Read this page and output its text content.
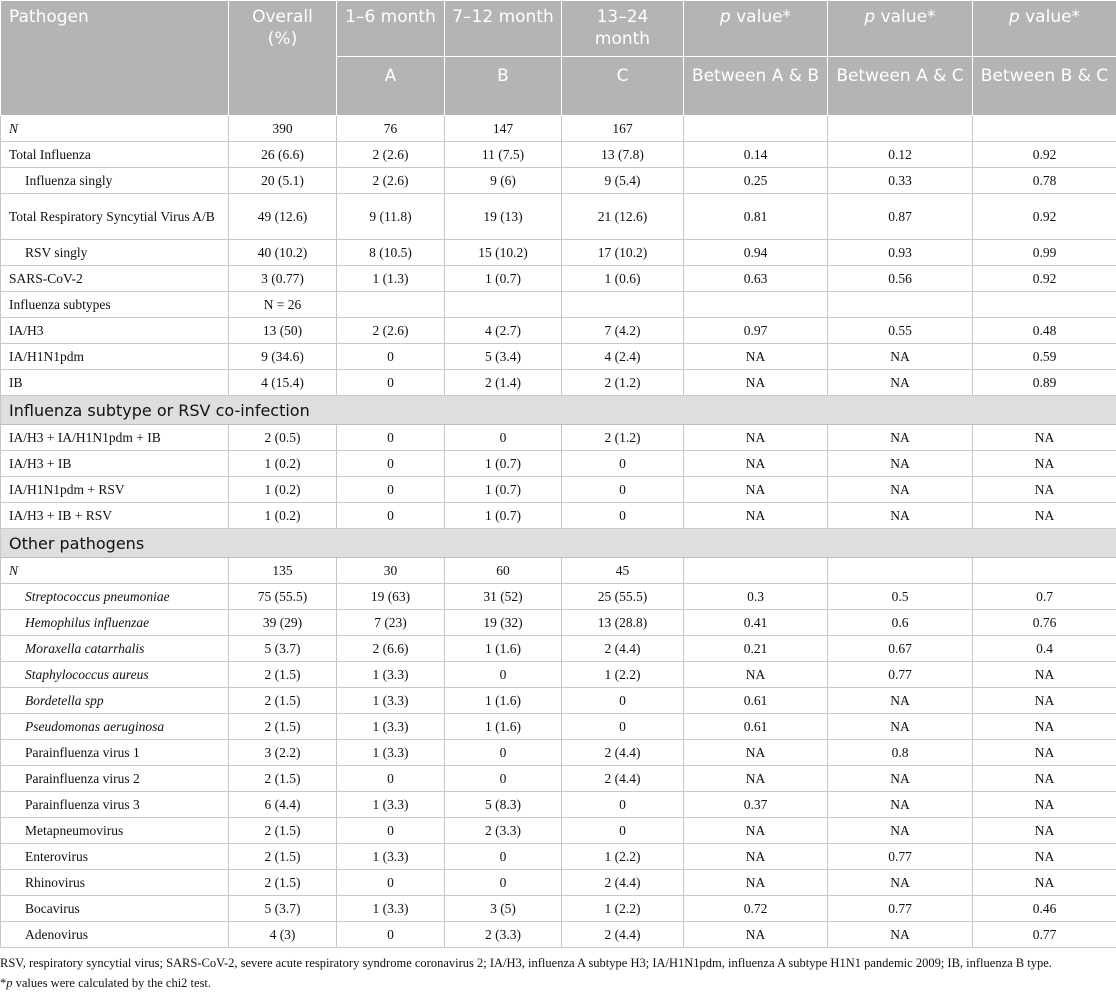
Pathogen	Overall (%)	1–6 month	7–12 month	13–24 month	p value*	p value*	p value*
		A	B	C	Between A & B	Between A & C	Between B & C
N	390	76	147	167			
Total Influenza	26 (6.6)	2 (2.6)	11 (7.5)	13 (7.8)	0.14	0.12	0.92
Influenza singly	20 (5.1)	2 (2.6)	9 (6)	9 (5.4)	0.25	0.33	0.78
Total Respiratory Syncytial Virus A/B	49 (12.6)	9 (11.8)	19 (13)	21 (12.6)	0.81	0.87	0.92
RSV singly	40 (10.2)	8 (10.5)	15 (10.2)	17 (10.2)	0.94	0.93	0.99
SARS-CoV-2	3 (0.77)	1 (1.3)	1 (0.7)	1 (0.6)	0.63	0.56	0.92
Influenza subtypes	N = 26						
IA/H3	13 (50)	2 (2.6)	4 (2.7)	7 (4.2)	0.97	0.55	0.48
IA/H1N1pdm	9 (34.6)	0	5 (3.4)	4 (2.4)	NA	NA	0.59
IB	4 (15.4)	0	2 (1.4)	2 (1.2)	NA	NA	0.89
Influenza subtype or RSV co-infection							
IA/H3 + IA/H1N1pdm + IB	2 (0.5)	0	0	2 (1.2)	NA	NA	NA
IA/H3 + IB	1 (0.2)	0	1 (0.7)	0	NA	NA	NA
IA/H1N1pdm + RSV	1 (0.2)	0	1 (0.7)	0	NA	NA	NA
IA/H3 + IB + RSV	1 (0.2)	0	1 (0.7)	0	NA	NA	NA
Other pathogens							
N	135	30	60	45			
Streptococcus pneumoniae	75 (55.5)	19 (63)	31 (52)	25 (55.5)	0.3	0.5	0.7
Hemophilus influenzae	39 (29)	7 (23)	19 (32)	13 (28.8)	0.41	0.6	0.76
Moraxella catarrhalis	5 (3.7)	2 (6.6)	1 (1.6)	2 (4.4)	0.21	0.67	0.4
Staphylococcus aureus	2 (1.5)	1 (3.3)	0	1 (2.2)	NA	0.77	NA
Bordetella spp	2 (1.5)	1 (3.3)	1 (1.6)	0	0.61	NA	NA
Pseudomonas aeruginosa	2 (1.5)	1 (3.3)	1 (1.6)	0	0.61	NA	NA
Parainfluenza virus 1	3 (2.2)	1 (3.3)	0	2 (4.4)	NA	0.8	NA
Parainfluenza virus 2	2 (1.5)	0	0	2 (4.4)	NA	NA	NA
Parainfluenza virus 3	6 (4.4)	1 (3.3)	5 (8.3)	0	0.37	NA	NA
Metapneumovirus	2 (1.5)	0	2 (3.3)	0	NA	NA	NA
Enterovirus	2 (1.5)	1 (3.3)	0	1 (2.2)	NA	0.77	NA
Rhinovirus	2 (1.5)	0	0	2 (4.4)	NA	NA	NA
Bocavirus	5 (3.7)	1 (3.3)	3 (5)	1 (2.2)	0.72	0.77	0.46
Adenovirus	4 (3)	0	2 (3.3)	2 (4.4)	NA	NA	0.77

RSV, respiratory syncytial virus; SARS-CoV-2, severe acute respiratory syndrome coronavirus 2; IA/H3, influenza A subtype H3; IA/H1N1pdm, influenza A subtype H1N1 pandemic 2009; IB, influenza B type.

*p values were calculated by the chi2 test.
